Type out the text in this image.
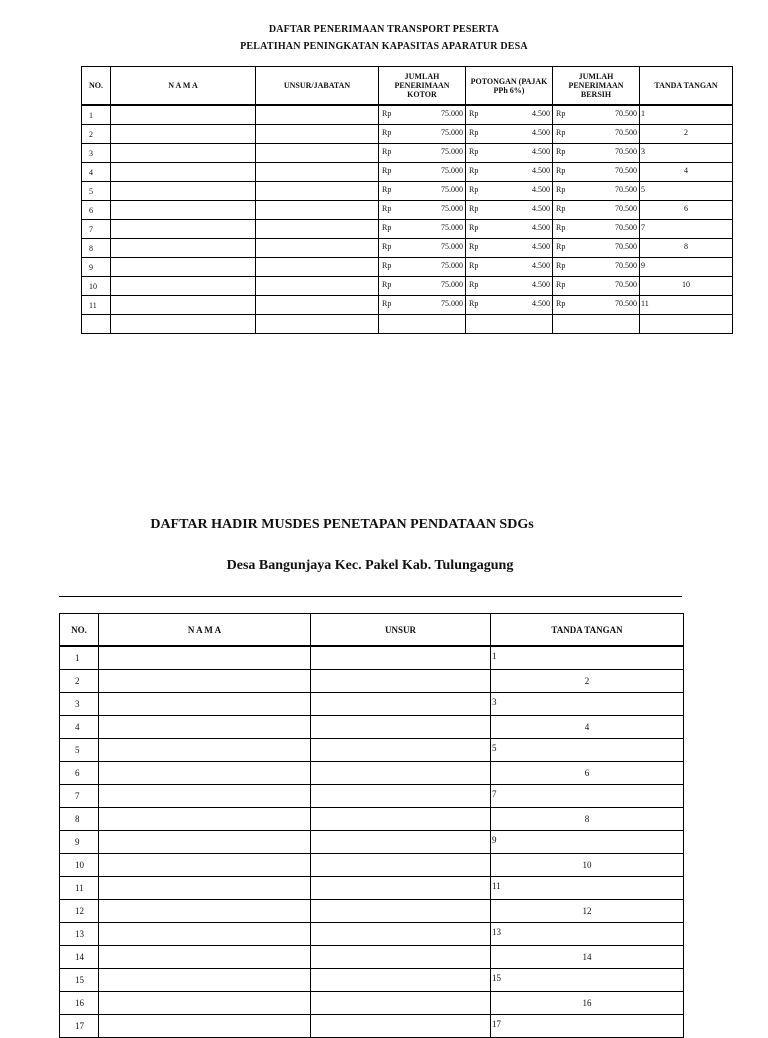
DAFTAR PENERIMAAN TRANSPORT PESERTA
PELATIHAN PENINGKATAN KAPASITAS APARATUR DESA
NO.	N A M A	UNSUR/JABATAN	JUMLAH PENERIMAAN KOTOR	POTONGAN (PAJAK PPh 6%)	JUMLAH PENERIMAAN BERSIH	TANDA TANGAN
1			Rp 75.000	Rp 4.500	Rp 70.500	1

2			Rp 75.000	Rp 4.500	Rp 70.500	2

3			Rp 75.000	Rp 4.500	Rp 70.500	3

4			Rp 75.000	Rp 4.500	Rp 70.500	4

5			Rp 75.000	Rp 4.500	Rp 70.500	5

6			Rp 75.000	Rp 4.500	Rp 70.500	6

7			Rp 75.000	Rp 4.500	Rp 70.500	7

8			Rp 75.000	Rp 4.500	Rp 70.500	8

9			Rp 75.000	Rp 4.500	Rp 70.500	9

10			Rp 75.000	Rp 4.500	Rp 70.500	10

11			Rp 75.000	Rp 4.500	Rp 70.500	11

DAFTAR HADIR MUSDES PENETAPAN PENDATAAN SDGs
Desa Bangunjaya Kec. Pakel Kab. Tulungagung
NO.	N A M A	UNSUR	TANDA TANGAN
1			1

2			2

3			3

4			4

5			5

6			6

7			7

8			8

9			9

10			10

11			11

12			12

13			13

14			14

15			15

16			16

17			17
